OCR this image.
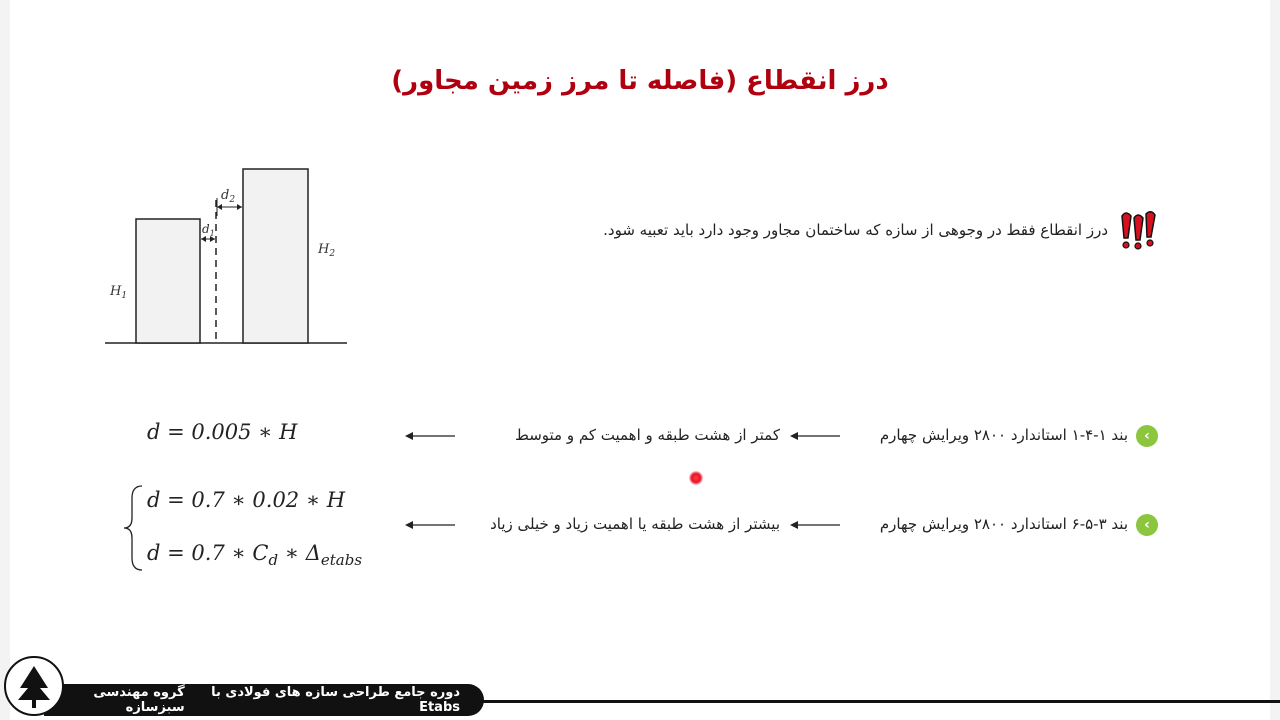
درز انقطاع (فاصله تا مرز زمین مجاور)
$d_2$
$d_1$
$H_1$
$H_2$
درز انقطاع فقط در وجوهی از سازه که ساختمان مجاور وجود دارد باید تعبیه شود.
‹
بند ۱-۴-۱ استاندارد ۲۸۰۰ ویرایش چهارم
کمتر از هشت طبقه و اهمیت کم و متوسط
‹
بند ۳-۵-۶ استاندارد ۲۸۰۰ ویرایش چهارم
بیشتر از هشت طبقه یا اهمیت زیاد و خیلی زیاد
d = 0.005 ∗ H
d = 0.7 ∗ 0.02 ∗ H
d = 0.7 ∗ $C_d$ ∗ $\Delta_{etabs}$
دوره جامع طراحی سازه های فولادی با Etabs
گروه مهندسی سبزسازه
